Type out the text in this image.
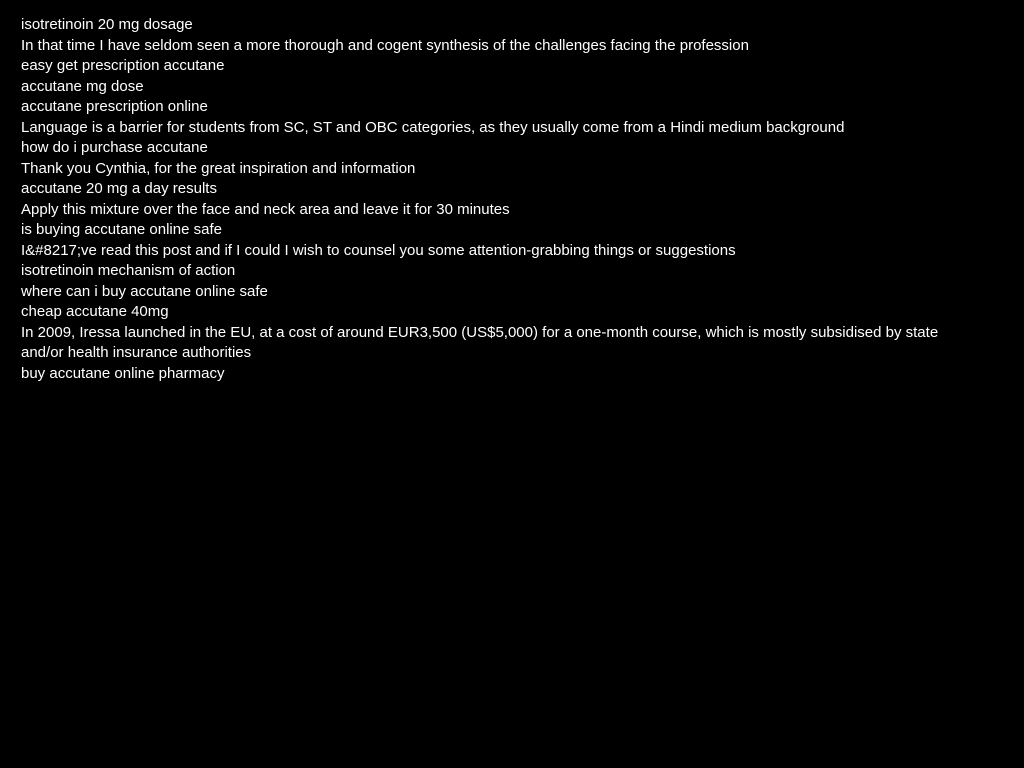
isotretinoin 20 mg dosage
In that time I have seldom seen a more thorough and cogent synthesis of the challenges facing the profession
easy get prescription accutane
accutane mg dose
accutane prescription online
Language is a barrier for students from SC, ST and OBC categories, as they usually come from a Hindi medium background
how do i purchase accutane
Thank you Cynthia, for the great inspiration and information
accutane 20 mg a day results
Apply this mixture over the face and neck area and leave it for 30 minutes
is buying accutane online safe
I&#8217;ve read this post and if I could I wish to counsel you some attention-grabbing things or suggestions
isotretinoin mechanism of action
where can i buy accutane online safe
cheap accutane 40mg
In 2009, Iressa launched in the EU, at a cost of around EUR3,500 (US$5,000) for a one-month course, which is mostly subsidised by state and/or health insurance authorities
buy accutane online pharmacy
